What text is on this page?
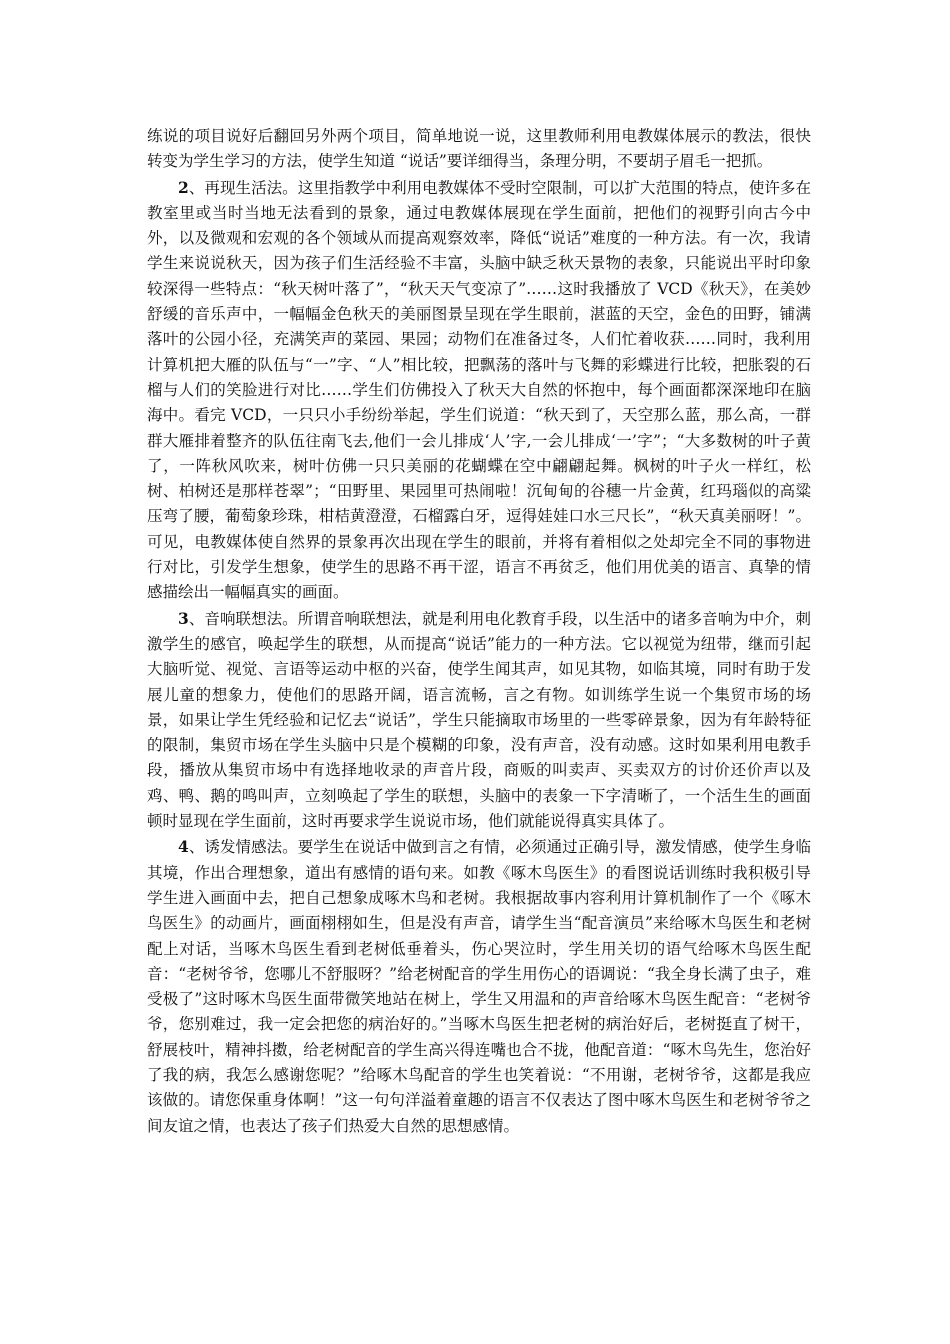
练说的项目说好后翻回另外两个项目，简单地说一说，这里教师利用电教媒体展示的教法，很快转变为学生学习的方法，使学生知道 “说话”要详细得当，条理分明，不要胡子眉毛一把抓。

2、再现生活法。这里指教学中利用电教媒体不受时空限制，可以扩大范围的特点，使许多在教室里或当时当地无法看到的景象，通过电教媒体展现在学生面前，把他们的视野引向古今中外，以及微观和宏观的各个领域从而提高观察效率，降低“说话”难度的一种方法。有一次，我请学生来说说秋天，因为孩子们生活经验不丰富，头脑中缺乏秋天景物的表象，只能说出平时印象较深得一些特点：“秋天树叶落了”，“秋天天气变凉了”……这时我播放了 VCD《秋天》，在美妙舒缓的音乐声中，一幅幅金色秋天的美丽图景呈现在学生眼前，湛蓝的天空，金色的田野，铺满落叶的公园小径，充满笑声的菜园、果园；动物们在准备过冬，人们忙着收获……同时，我利用计算机把大雁的队伍与“一”字、“人”相比较，把飘荡的落叶与飞舞的彩蝶进行比较，把胀裂的石榴与人们的笑脸进行对比……学生们仿佛投入了秋天大自然的怀抱中，每个画面都深深地印在脑海中。看完 VCD，一只只小手纷纷举起，学生们说道：“秋天到了，天空那么蓝，那么高，一群群大雁排着整齐的队伍往南飞去,他们一会儿排成‘人’字,一会儿排成‘一’字”；“大多数树的叶子黄了，一阵秋风吹来，树叶仿佛一只只美丽的花蝴蝶在空中翩翩起舞。枫树的叶子火一样红，松树、柏树还是那样苍翠”；“田野里、果园里可热闹啦！沉甸甸的谷穗一片金黄，红玛瑙似的高粱压弯了腰，葡萄象珍珠，柑桔黄澄澄，石榴露白牙，逗得娃娃口水三尺长”，“秋天真美丽呀！”。可见，电教媒体使自然界的景象再次出现在学生的眼前，并将有着相似之处却完全不同的事物进行对比，引发学生想象，使学生的思路不再干涩，语言不再贫乏，他们用优美的语言、真挚的情感描绘出一幅幅真实的画面。

3、音响联想法。所谓音响联想法，就是利用电化教育手段，以生活中的诸多音响为中介，刺激学生的感官，唤起学生的联想，从而提高“说话”能力的一种方法。它以视觉为纽带，继而引起大脑听觉、视觉、言语等运动中枢的兴奋，使学生闻其声，如见其物，如临其境，同时有助于发展儿童的想象力，使他们的思路开阔，语言流畅，言之有物。如训练学生说一个集贸市场的场景，如果让学生凭经验和记忆去“说话”，学生只能摘取市场里的一些零碎景象，因为有年龄特征的限制，集贸市场在学生头脑中只是个模糊的印象，没有声音，没有动感。这时如果利用电教手段，播放从集贸市场中有选择地收录的声音片段，商贩的叫卖声、买卖双方的讨价还价声以及鸡、鸭、鹅的鸣叫声，立刻唤起了学生的联想，头脑中的表象一下字清晰了，一个活生生的画面顿时显现在学生面前，这时再要求学生说说市场，他们就能说得真实具体了。

4、诱发情感法。要学生在说话中做到言之有情，必须通过正确引导，激发情感，使学生身临其境，作出合理想象，道出有感情的语句来。如教《啄木鸟医生》的看图说话训练时我积极引导学生进入画面中去，把自己想象成啄木鸟和老树。我根据故事内容利用计算机制作了一个《啄木鸟医生》的动画片，画面栩栩如生，但是没有声音，请学生当“配音演员”来给啄木鸟医生和老树配上对话，当啄木鸟医生看到老树低垂着头，伤心哭泣时，学生用关切的语气给啄木鸟医生配音：“老树爷爷，您哪儿不舒服呀？”给老树配音的学生用伤心的语调说：“我全身长满了虫子，难受极了”这时啄木鸟医生面带微笑地站在树上，学生又用温和的声音给啄木鸟医生配音：“老树爷爷，您别难过，我一定会把您的病治好的。”当啄木鸟医生把老树的病治好后，老树挺直了树干，舒展枝叶，精神抖擞，给老树配音的学生高兴得连嘴也合不拢，他配音道：“啄木鸟先生，您治好了我的病，我怎么感谢您呢？”给啄木鸟配音的学生也笑着说：“不用谢，老树爷爷，这都是我应该做的。请您保重身体啊！”这一句句洋溢着童趣的语言不仅表达了图中啄木鸟医生和老树爷爷之间友谊之情，也表达了孩子们热爱大自然的思想感情。
